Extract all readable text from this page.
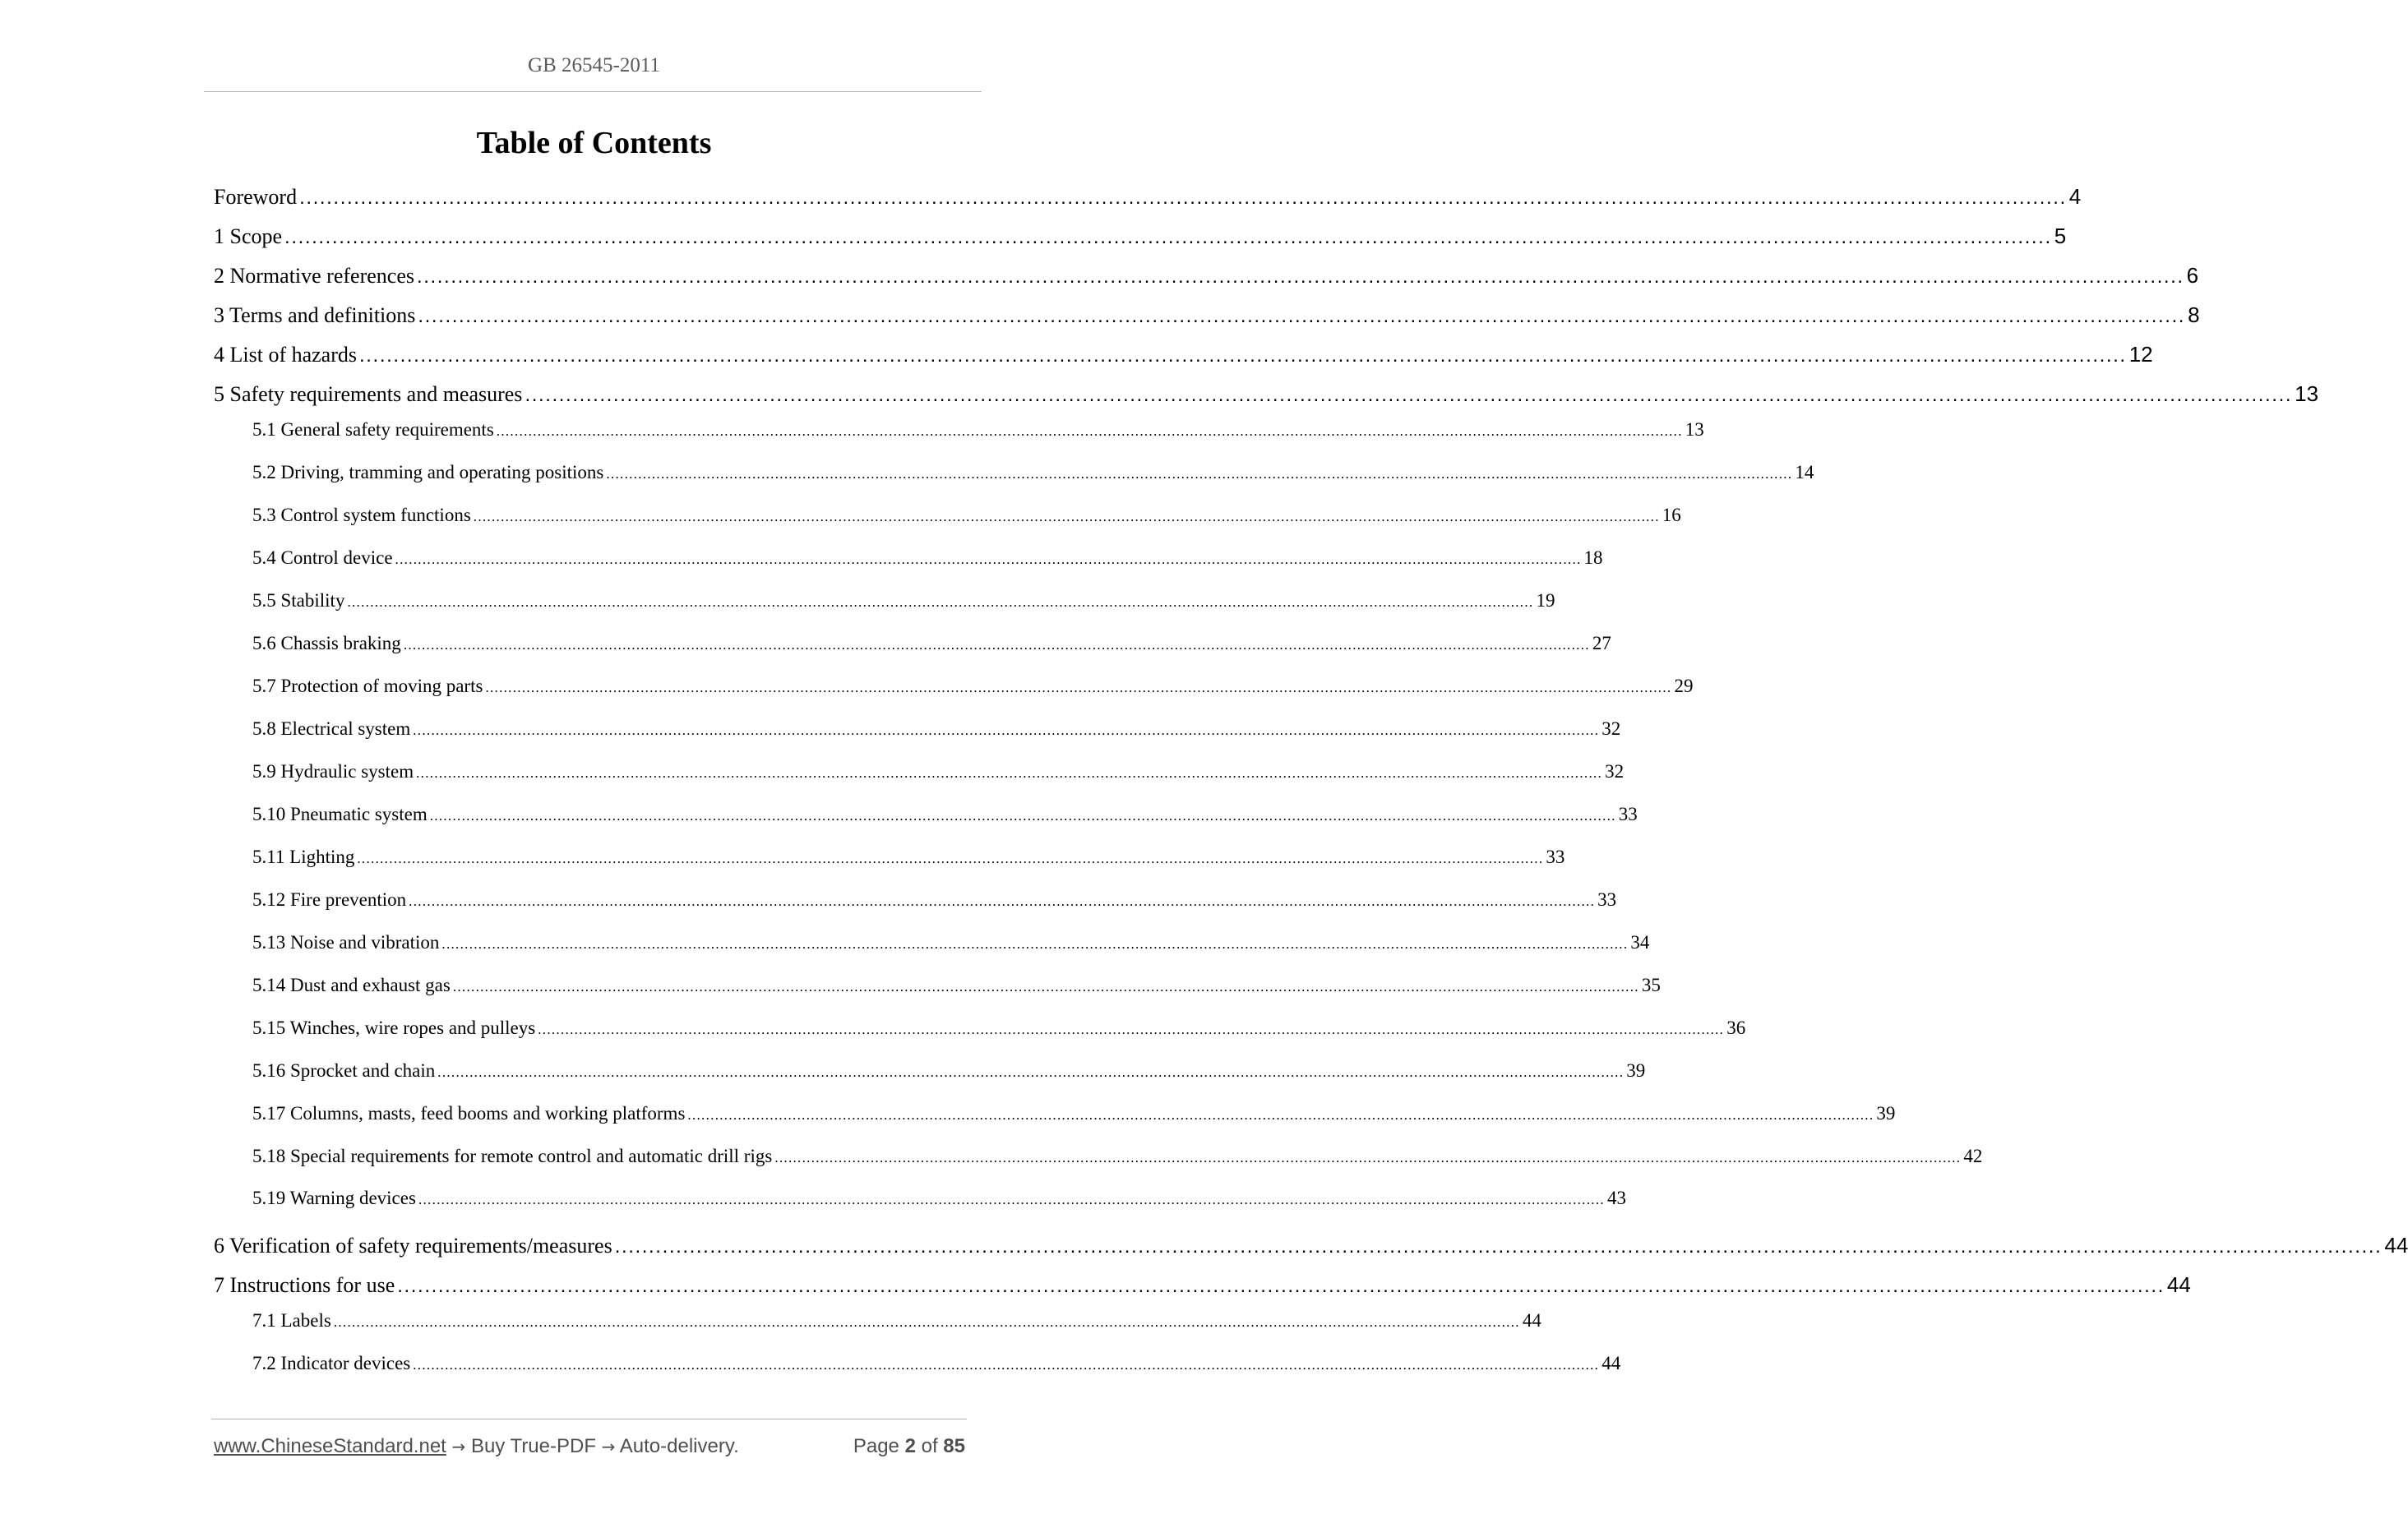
GB 26545-2011
Table of Contents
Foreword .................................................................................................................................................................................................................................................................... 4
1 Scope .................................................................................................................................................................................................................................................................... 5
2 Normative references .................................................................................................................................................................................................................................................................... 6
3 Terms and definitions .................................................................................................................................................................................................................................................................... 8
4 List of hazards .................................................................................................................................................................................................................................................................... 12
5 Safety requirements and measures .................................................................................................................................................................................................................................................................... 13
5.1 General safety requirements .................................................................................................................................................................................................................................................................... 13
5.2 Driving, tramming and operating positions .................................................................................................................................................................................................................................................................... 14
5.3 Control system functions .................................................................................................................................................................................................................................................................... 16
5.4 Control device .................................................................................................................................................................................................................................................................... 18
5.5 Stability .................................................................................................................................................................................................................................................................... 19
5.6 Chassis braking .................................................................................................................................................................................................................................................................... 27
5.7 Protection of moving parts .................................................................................................................................................................................................................................................................... 29
5.8 Electrical system .................................................................................................................................................................................................................................................................... 32
5.9 Hydraulic system .................................................................................................................................................................................................................................................................... 32
5.10 Pneumatic system .................................................................................................................................................................................................................................................................... 33
5.11 Lighting .................................................................................................................................................................................................................................................................... 33
5.12 Fire prevention .................................................................................................................................................................................................................................................................... 33
5.13 Noise and vibration .................................................................................................................................................................................................................................................................... 34
5.14 Dust and exhaust gas .................................................................................................................................................................................................................................................................... 35
5.15 Winches, wire ropes and pulleys .................................................................................................................................................................................................................................................................... 36
5.16 Sprocket and chain .................................................................................................................................................................................................................................................................... 39
5.17 Columns, masts, feed booms and working platforms .................................................................................................................................................................................................................................................................... 39
5.18 Special requirements for remote control and automatic drill rigs .................................................................................................................................................................................................................................................................... 42
5.19 Warning devices .................................................................................................................................................................................................................................................................... 43
6 Verification of safety requirements/measures .................................................................................................................................................................................................................................................................... 44
7 Instructions for use .................................................................................................................................................................................................................................................................... 44
7.1 Labels .................................................................................................................................................................................................................................................................... 44
7.2 Indicator devices .................................................................................................................................................................................................................................................................... 44
www.ChineseStandard.net → Buy True-PDF → Auto-delivery.	Page 2 of 85
